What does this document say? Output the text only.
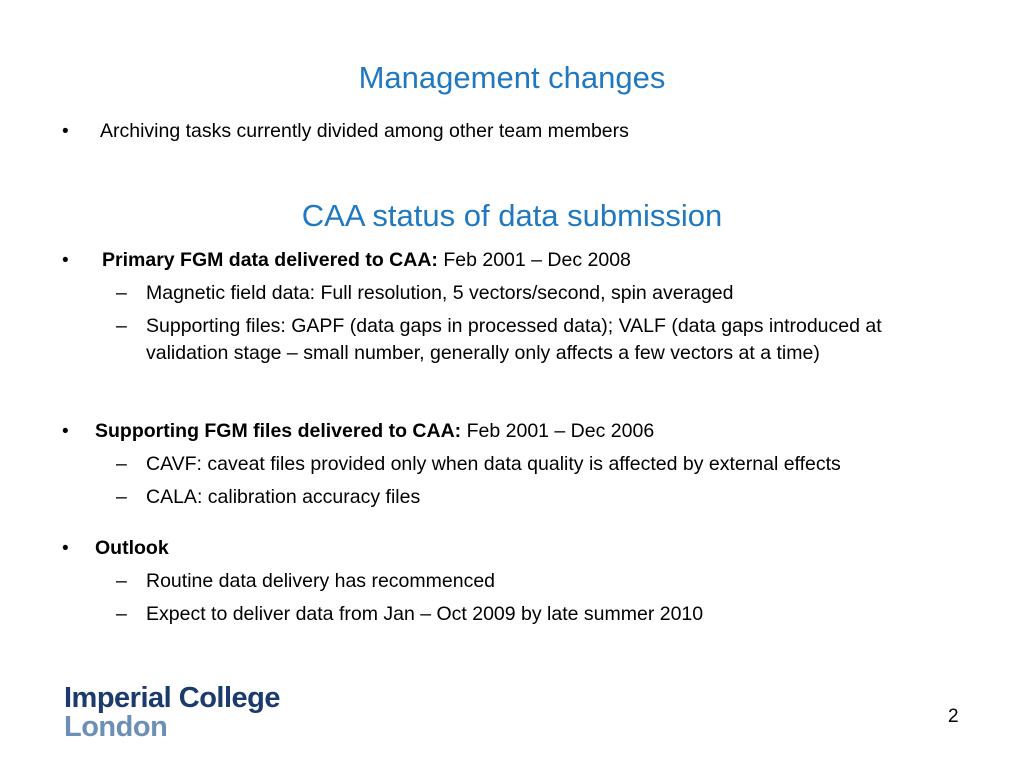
Management changes
• Archiving tasks currently divided among other team members
CAA status of data submission
• Primary FGM data delivered to CAA: Feb 2001 – Dec 2008
– Magnetic field data: Full resolution, 5 vectors/second, spin averaged
– Supporting files: GAPF (data gaps in processed data); VALF (data gaps introduced at validation stage – small number, generally only affects a few vectors at a time)
• Supporting FGM files delivered to CAA: Feb 2001 – Dec 2006
– CAVF: caveat files provided only when data quality is affected by external effects
– CALA: calibration accuracy files
• Outlook
– Routine data delivery has recommenced
– Expect to deliver data from Jan – Oct 2009 by late summer 2010
Imperial College
London	2
